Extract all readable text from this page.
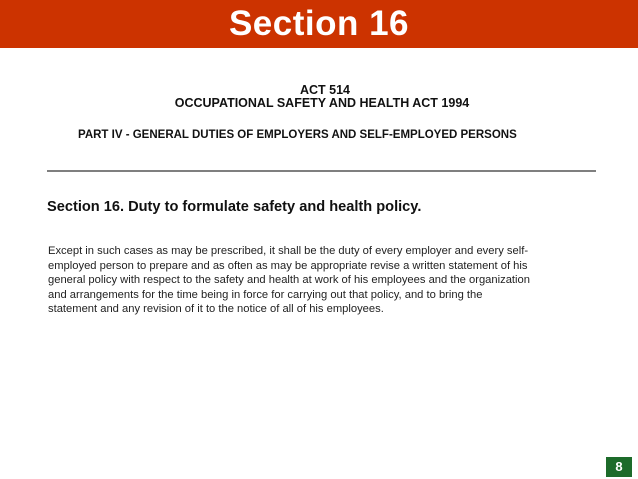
Section 16
ACT 514
OCCUPATIONAL SAFETY AND HEALTH ACT 1994
PART IV - GENERAL DUTIES OF EMPLOYERS AND SELF-EMPLOYED PERSONS
Section 16. Duty to formulate safety and health policy.

Except in such cases as may be prescribed, it shall be the duty of every employer and every self-
employed person to prepare and as often as may be appropriate revise a written statement of his
general policy with respect to the safety and health at work of his employees and the organization
and arrangements for the time being in force for carrying out that policy, and to bring the
statement and any revision of it to the notice of all of his employees.

8
